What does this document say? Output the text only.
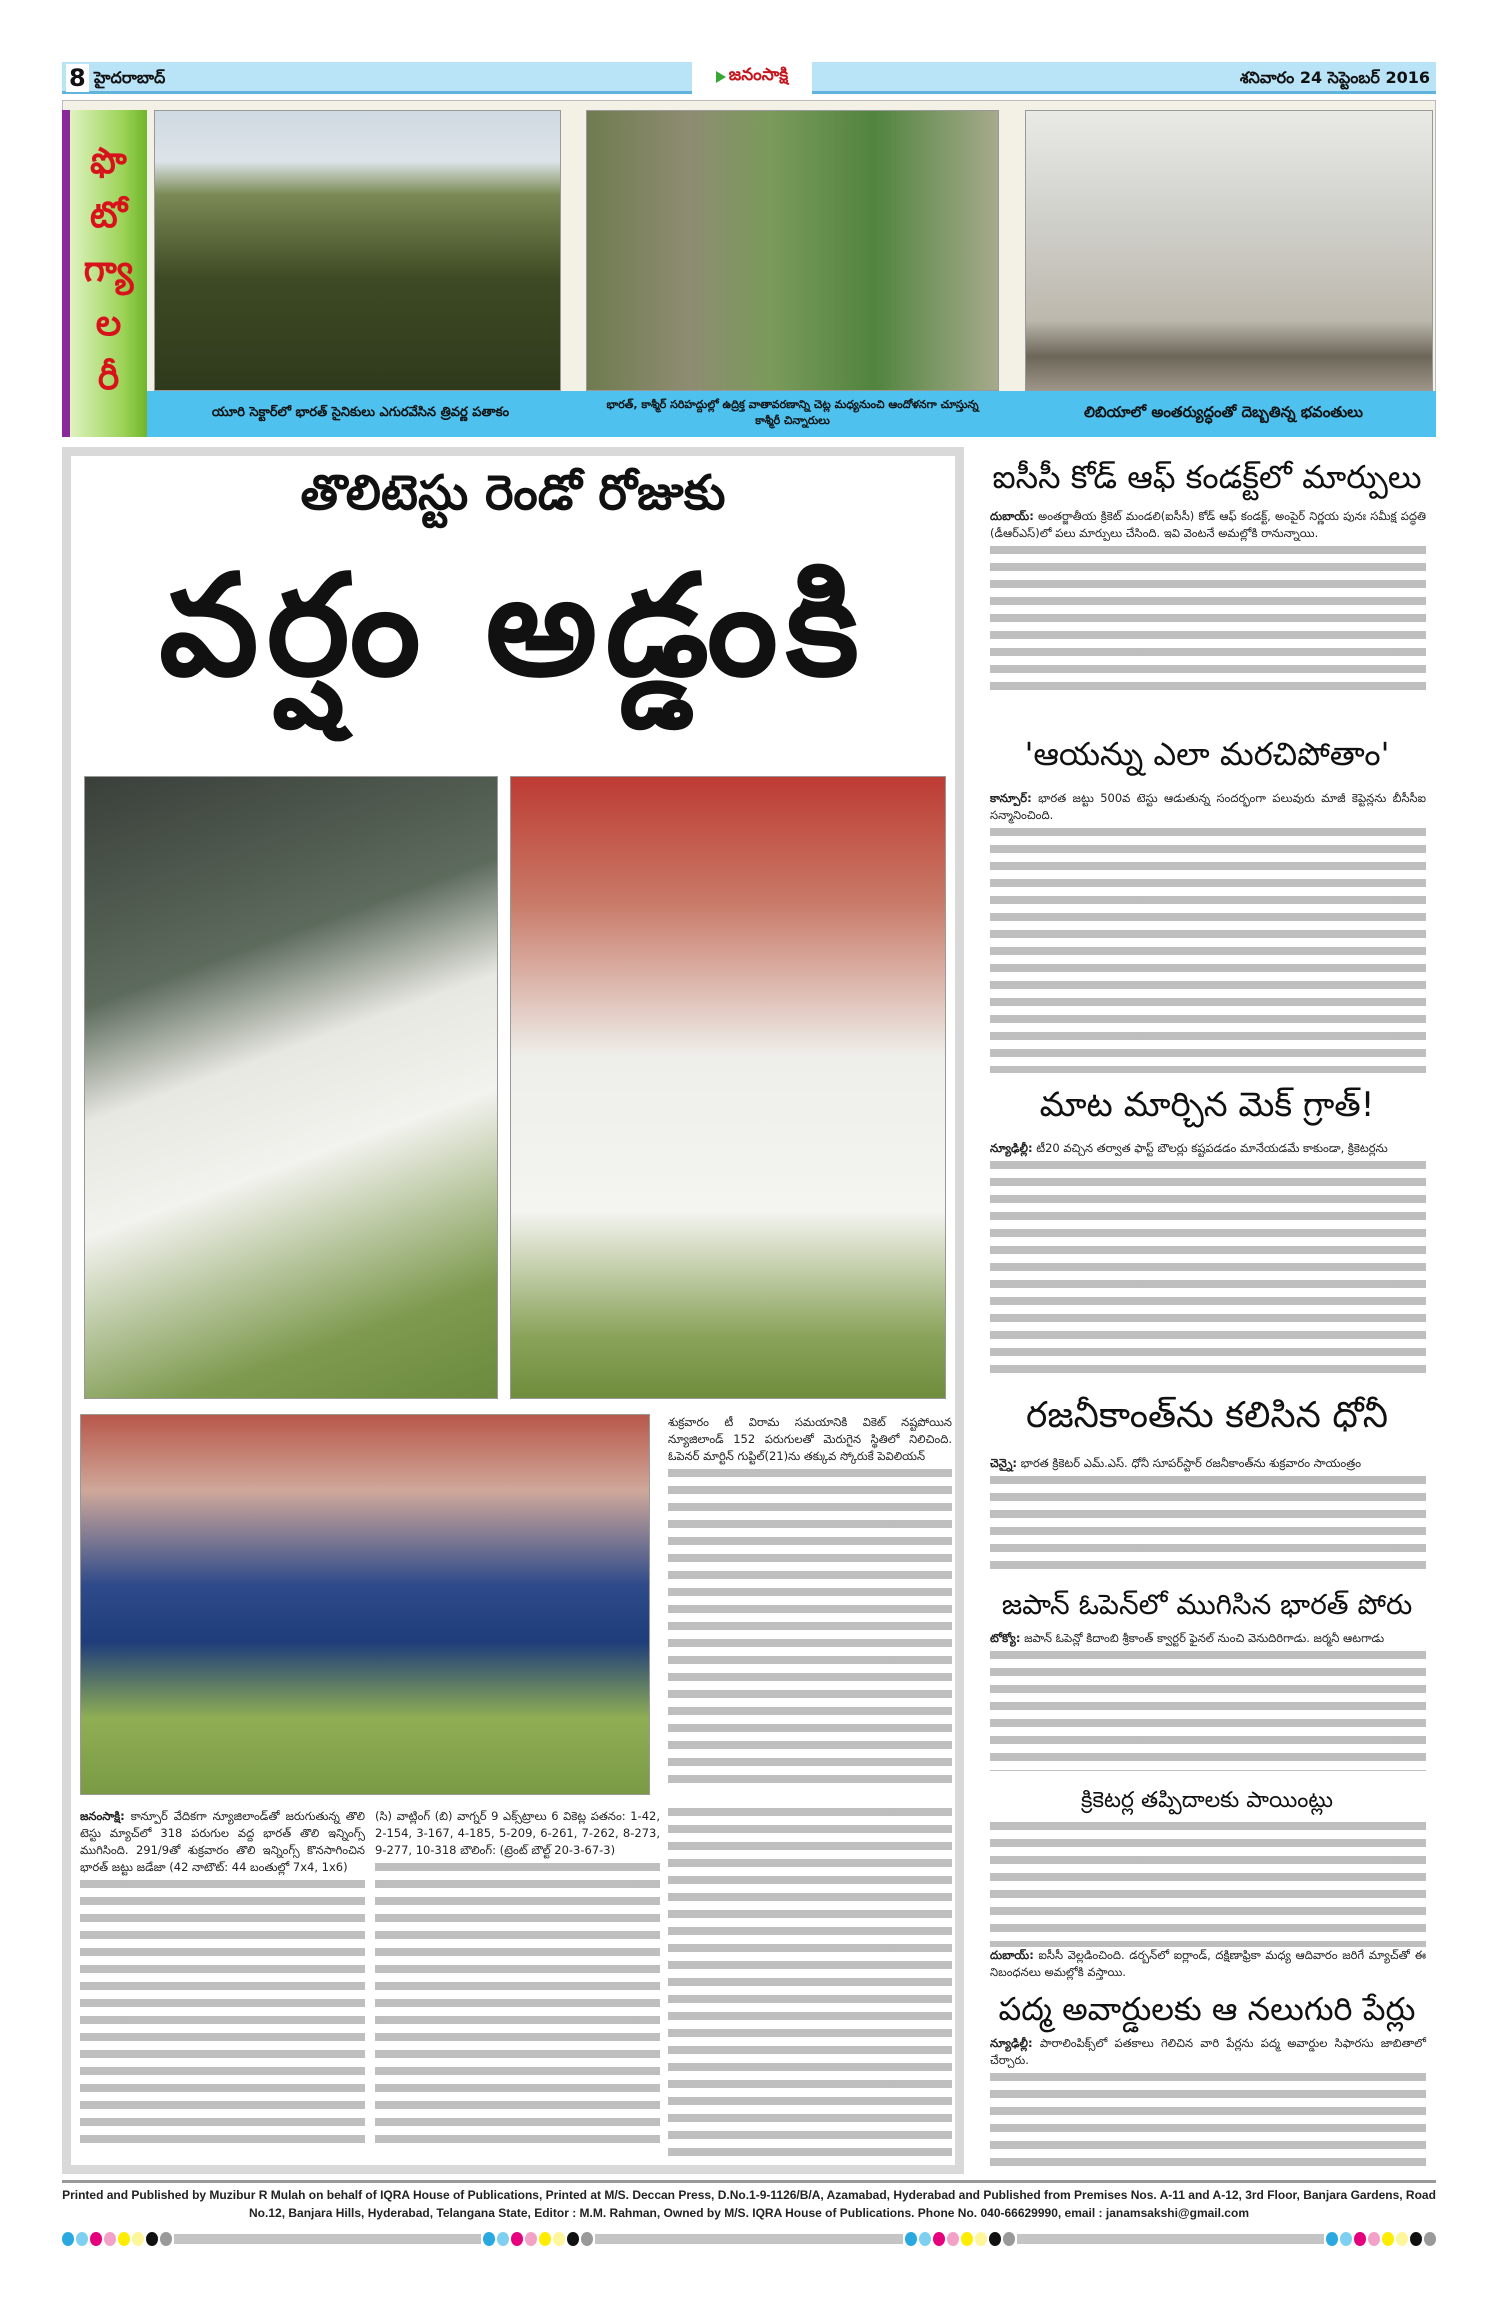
8 హైదరాబాద్	జనంసాక్షి	శనివారం 24 సెప్టెంబర్ 2016
ఫొ
టో
గ్యా
ల
రీ
యూరి సెక్టార్‌లో భారత్ సైనికులు ఎగురవేసిన త్రివర్ణ పతాకం
భారత్, కాశ్మీర్ సరిహద్దుల్లో ఉద్రిక్త వాతావరణాన్ని చెట్ల మధ్యనుంచి ఆందోళనగా చూస్తున్న కాశ్మీరీ చిన్నారులు	లిబియాలో అంతర్యుద్ధంతో దెబ్బతిన్న భవంతులు
తొలిటెస్టు రెండో రోజుకు
వర్షం అడ్డంకి
శుక్రవారం టీ విరామ సమయానికి వికెట్ నష్టపోయిన న్యూజిలాండ్ 152 పరుగులతో మెరుగైన స్థితిలో నిలిచింది. ఓపెనర్ మార్టిన్ గుప్టిల్(21)ను తక్కువ స్కోరుకే పెవిలియన్
జనంసాక్షి: కాన్పూర్ వేదికగా న్యూజిలాండ్‌తో జరుగుతున్న తొలి టెస్టు మ్యాచ్‌లో 318 పరుగుల వద్ద భారత్ తొలి ఇన్నింగ్స్ ముగిసింది. 291/9తో శుక్రవారం తొలి ఇన్నింగ్స్ కొనసాగించిన భారత్ జట్టు జడేజా (42 నాటౌట్: 44 బంతుల్లో 7x4, 1x6)
(సి) వాట్లింగ్ (బి) వాగ్నర్ 9 ఎక్స్‌ట్రాలు 6 వికెట్ల పతనం: 1-42, 2-154, 3-167, 4-185, 5-209, 6-261, 7-262, 8-273, 9-277, 10-318 బౌలింగ్: (ట్రెంట్ బౌల్ట్ 20-3-67-3)
ఐసీసీ కోడ్ ఆఫ్ కండక్ట్‌లో మార్పులు
దుబాయ్: అంతర్జాతీయ క్రికెట్ మండలి(ఐసీసీ) కోడ్ ఆఫ్ కండక్ట్, అంపైర్ నిర్ణయ పునః సమీక్ష పద్ధతి (డీఆర్‌ఎస్)లో పలు మార్పులు చేసింది. ఇవి వెంటనే అమల్లోకి రానున్నాయి.
'ఆయన్ను ఎలా మరచిపోతాం'
కాన్పూర్: భారత జట్టు 500వ టెస్టు ఆడుతున్న సందర్భంగా పలువురు మాజీ కెప్టెన్లను బీసీసీఐ సన్మానించింది.
మాట మార్చిన మెక్ గ్రాత్!
న్యూఢిల్లీ: టీ20 వచ్చిన తర్వాత ఫాస్ట్ బౌలర్లు కష్టపడడం మానేయడమే కాకుండా, క్రికెటర్లను
రజనీకాంత్‌ను కలిసిన ధోనీ
చెన్నై: భారత క్రికెటర్ ఎమ్.ఎస్. ధోనీ సూపర్‌స్టార్ రజనీకాంత్‌ను శుక్రవారం సాయంత్రం
జపాన్ ఓపెన్‌లో ముగిసిన భారత్ పోరు
టోక్యో: జపాన్ ఓపెన్లో కిదాంబి శ్రీకాంత్ క్వార్టర్ ఫైనల్ నుంచి వెనుదిరిగాడు. జర్మనీ ఆటగాడు
క్రికెటర్ల తప్పిదాలకు పాయింట్లు
దుబాయ్: ఐసీసీ వెల్లడించింది. డర్బన్‌లో ఐర్లాండ్, దక్షిణాఫ్రికా మధ్య ఆదివారం జరిగే మ్యాచ్‌తో ఈ నిబంధనలు అమల్లోకి వస్తాయి.
పద్మ అవార్డులకు ఆ నలుగురి పేర్లు
న్యూఢిల్లీ: పారాలింపిక్స్‌లో పతకాలు గెలిచిన వారి పేర్లను పద్మ అవార్డుల సిఫారసు జాబితాలో చేర్చారు.
Printed and Published by Muzibur R Mulah on behalf of IQRA House of Publications, Printed at M/S. Deccan Press, D.No.1-9-1126/B/A, Azamabad, Hyderabad and Published from Premises Nos. A-11 and A-12, 3rd Floor, Banjara Gardens, Road No.12, Banjara Hills, Hyderabad, Telangana State, Editor : M.M. Rahman, Owned by M/S. IQRA House of Publications. Phone No. 040-66629990, email : janamsakshi@gmail.com
